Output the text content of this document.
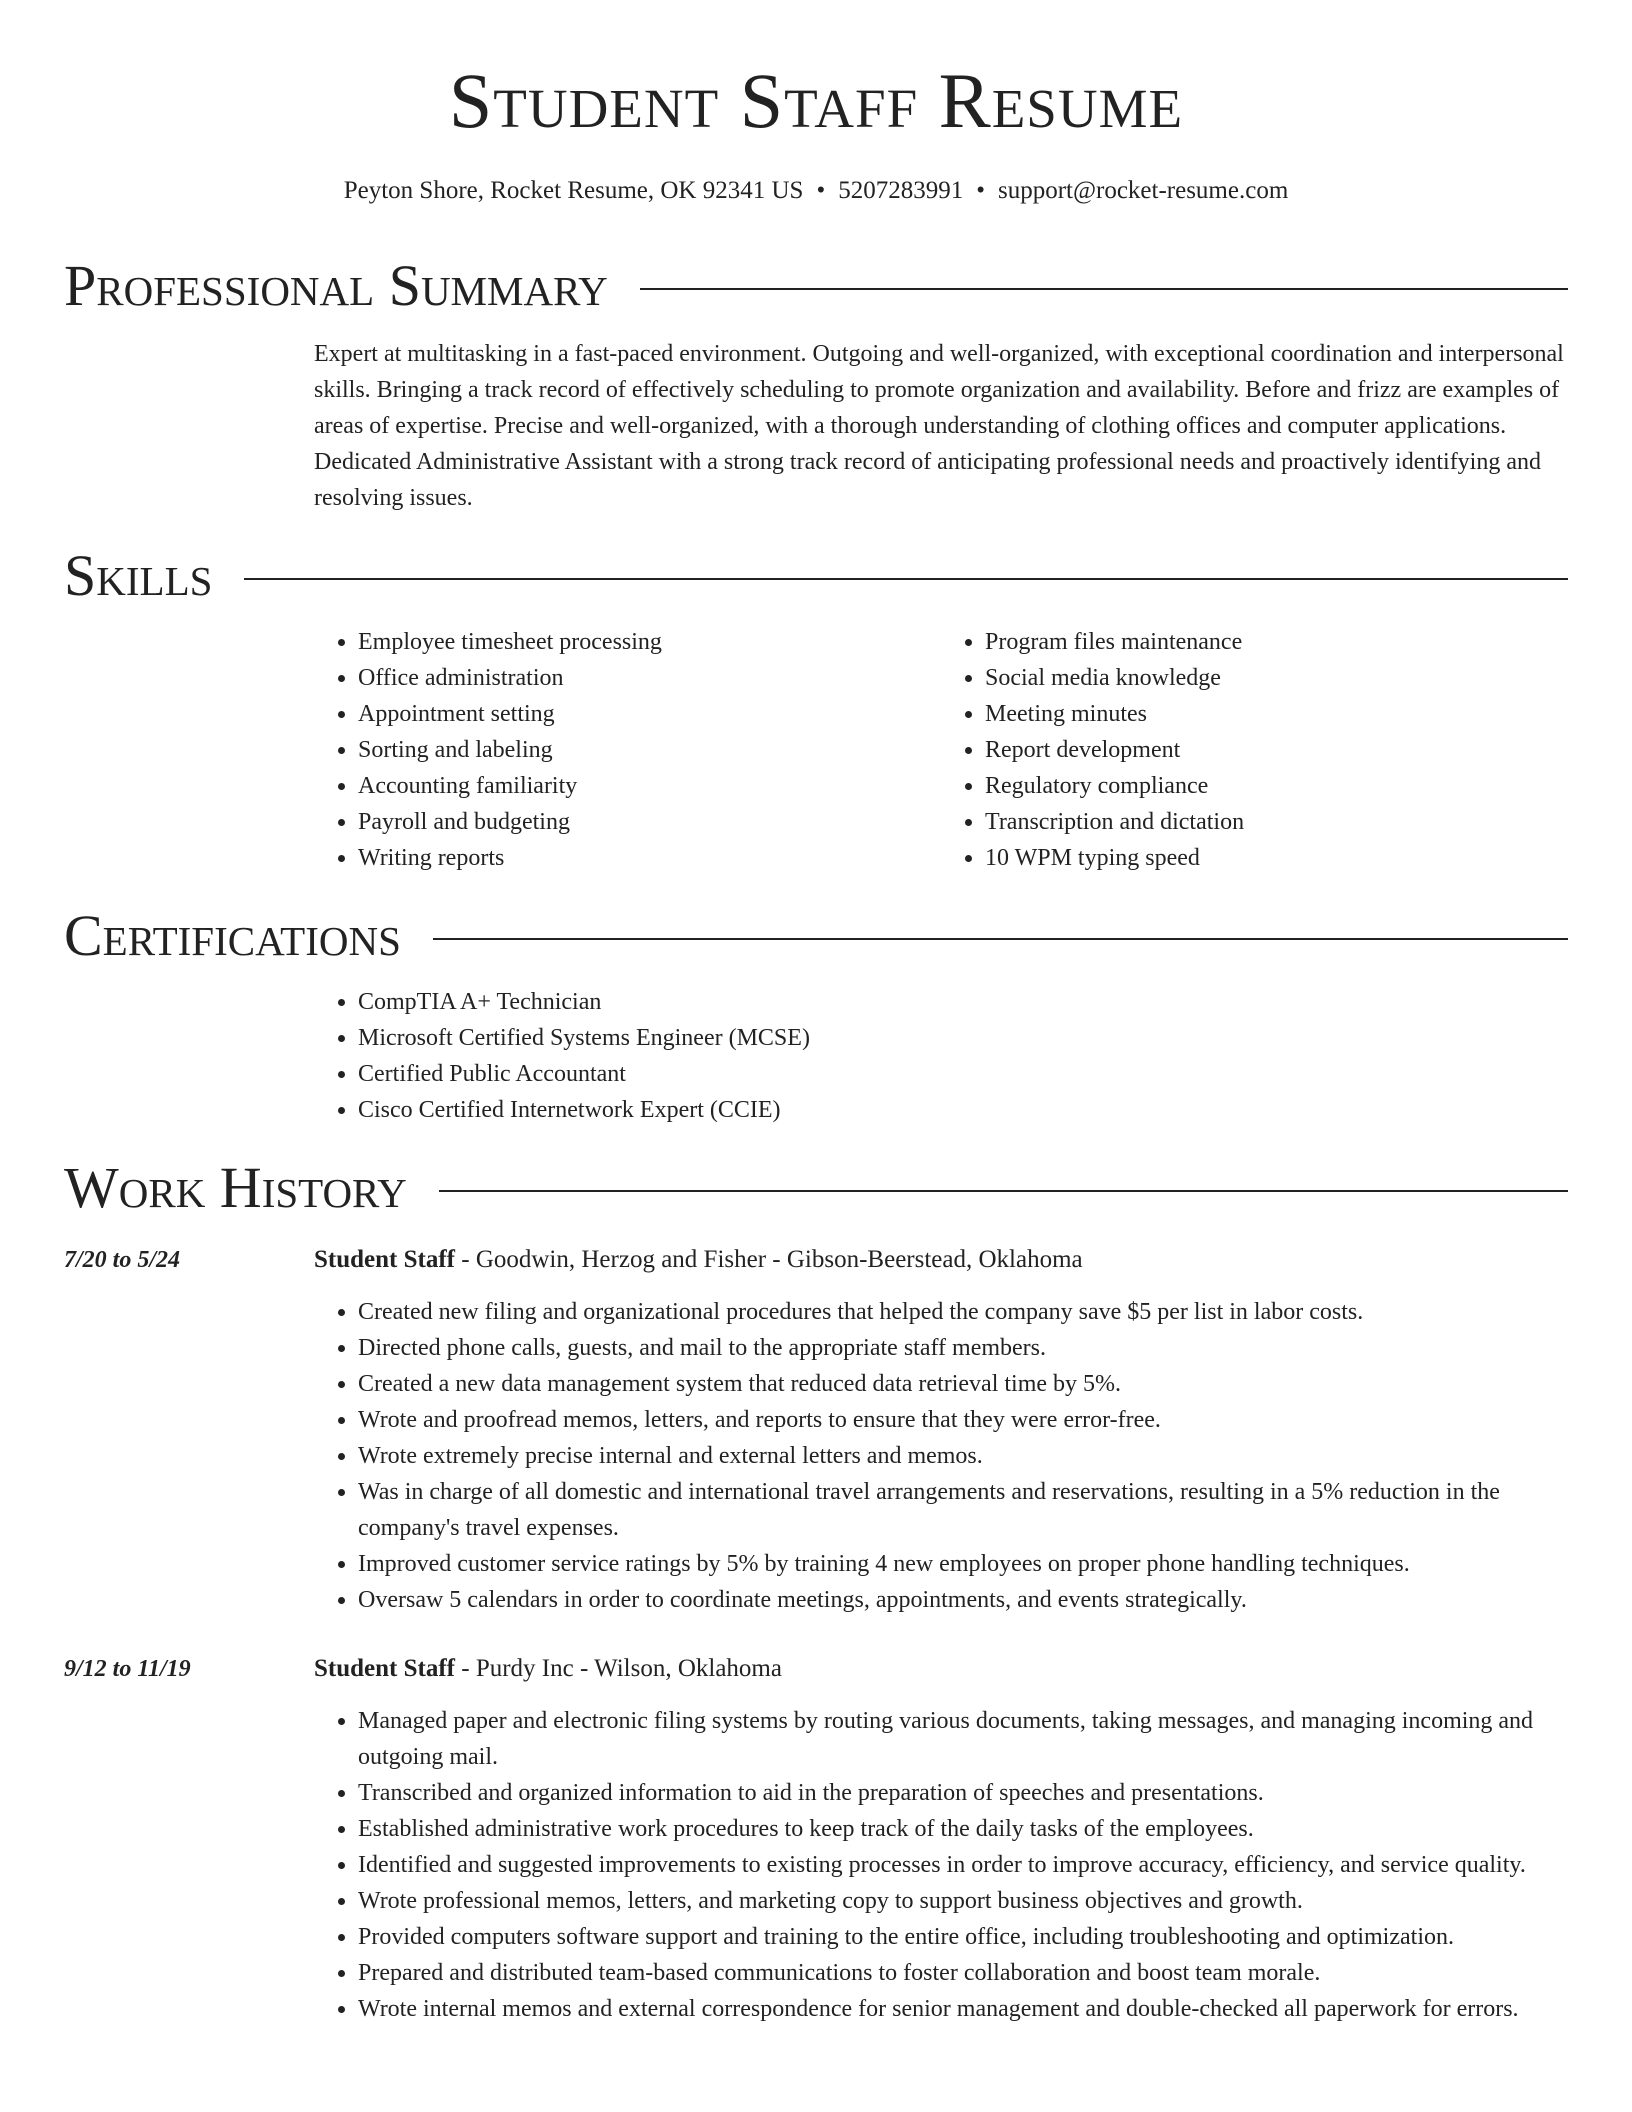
Student Staff Resume
Peyton Shore, Rocket Resume, OK 92341 US • 5207283991 • support@rocket-resume.com
Professional Summary

Expert at multitasking in a fast-paced environment. Outgoing and well-organized, with exceptional coordination and interpersonal skills. Bringing a track record of effectively scheduling to promote organization and availability. Before and frizz are examples of areas of expertise. Precise and well-organized, with a thorough understanding of clothing offices and computer applications. Dedicated Administrative Assistant with a strong track record of anticipating professional needs and proactively identifying and resolving issues.

Skills
• Employee timesheet processing
• Office administration
• Appointment setting
• Sorting and labeling
• Accounting familiarity
• Payroll and budgeting
• Writing reports
• Program files maintenance
• Social media knowledge
• Meeting minutes
• Report development
• Regulatory compliance
• Transcription and dictation
• 10 WPM typing speed
Certifications
• CompTIA A+ Technician
• Microsoft Certified Systems Engineer (MCSE)
• Certified Public Accountant
• Cisco Certified Internetwork Expert (CCIE)
Work History
7/20 to 5/24	Student Staff - Goodwin, Herzog and Fisher - Gibson-Beerstead, Oklahoma
• Created new filing and organizational procedures that helped the company save $5 per list in labor costs.
• Directed phone calls, guests, and mail to the appropriate staff members.
• Created a new data management system that reduced data retrieval time by 5%.
• Wrote and proofread memos, letters, and reports to ensure that they were error-free.
• Wrote extremely precise internal and external letters and memos.
• Was in charge of all domestic and international travel arrangements and reservations, resulting in a 5% reduction in the company's travel expenses.
• Improved customer service ratings by 5% by training 4 new employees on proper phone handling techniques.
• Oversaw 5 calendars in order to coordinate meetings, appointments, and events strategically.
9/12 to 11/19	Student Staff - Purdy Inc - Wilson, Oklahoma
• Managed paper and electronic filing systems by routing various documents, taking messages, and managing incoming and outgoing mail.
• Transcribed and organized information to aid in the preparation of speeches and presentations.
• Established administrative work procedures to keep track of the daily tasks of the employees.
• Identified and suggested improvements to existing processes in order to improve accuracy, efficiency, and service quality.
• Wrote professional memos, letters, and marketing copy to support business objectives and growth.
• Provided computers software support and training to the entire office, including troubleshooting and optimization.
• Prepared and distributed team-based communications to foster collaboration and boost team morale.
• Wrote internal memos and external correspondence for senior management and double-checked all paperwork for errors.
